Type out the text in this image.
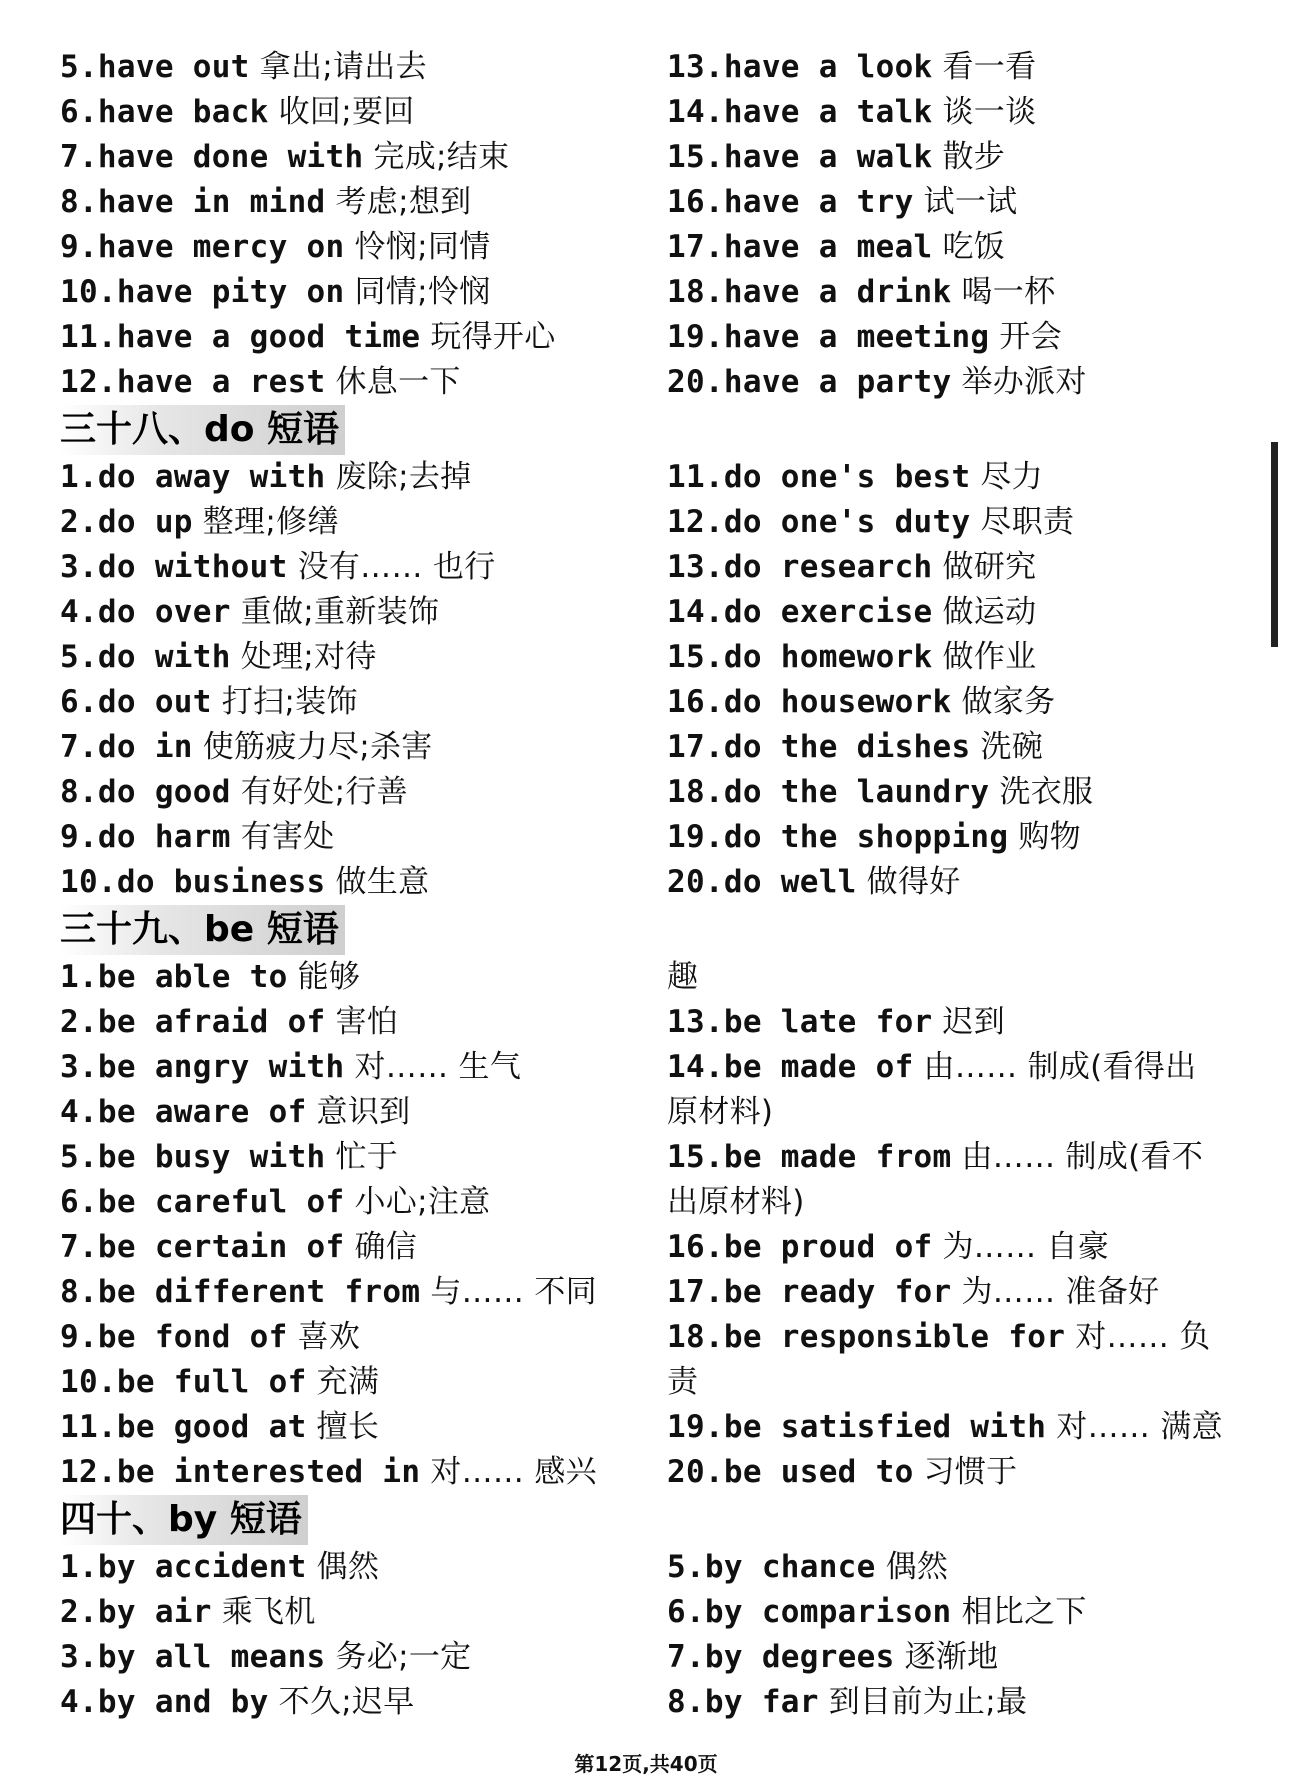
5.have out 拿出;请出去
6.have back 收回;要回
7.have done with 完成;结束
8.have in mind 考虑;想到
9.have mercy on 怜悯;同情
10.have pity on 同情;怜悯
11.have a good time 玩得开心
12.have a rest 休息一下
三十八、do 短语
1.do away with 废除;去掉
2.do up 整理;修缮
3.do without 没有…… 也行
4.do over 重做;重新装饰
5.do with 处理;对待
6.do out 打扫;装饰
7.do in 使筋疲力尽;杀害
8.do good 有好处;行善
9.do harm 有害处
10.do business 做生意
三十九、be 短语
1.be able to 能够
2.be afraid of 害怕
3.be angry with 对…… 生气
4.be aware of 意识到
5.be busy with 忙于
6.be careful of 小心;注意
7.be certain of 确信
8.be different from 与…… 不同
9.be fond of 喜欢
10.be full of 充满
11.be good at 擅长
12.be interested in 对…… 感兴
四十、by 短语
1.by accident 偶然
2.by air 乘飞机
3.by all means 务必;一定
4.by and by 不久;迟早
13.have a look 看一看
14.have a talk 谈一谈
15.have a walk 散步
16.have a try 试一试
17.have a meal 吃饭
18.have a drink 喝一杯
19.have a meeting 开会
20.have a party 举办派对
11.do one's best 尽力
12.do one's duty 尽职责
13.do research 做研究
14.do exercise 做运动
15.do homework 做作业
16.do housework 做家务
17.do the dishes 洗碗
18.do the laundry 洗衣服
19.do the shopping 购物
20.do well 做得好
趣
13.be late for 迟到
14.be made of 由…… 制成(看得出
原材料)
15.be made from 由…… 制成(看不
出原材料)
16.be proud of 为…… 自豪
17.be ready for 为…… 准备好
18.be responsible for 对…… 负
责
19.be satisfied with 对…… 满意
20.be used to 习惯于
5.by chance 偶然
6.by comparison 相比之下
7.by degrees 逐渐地
8.by far 到目前为止;最
第12页,共40页
